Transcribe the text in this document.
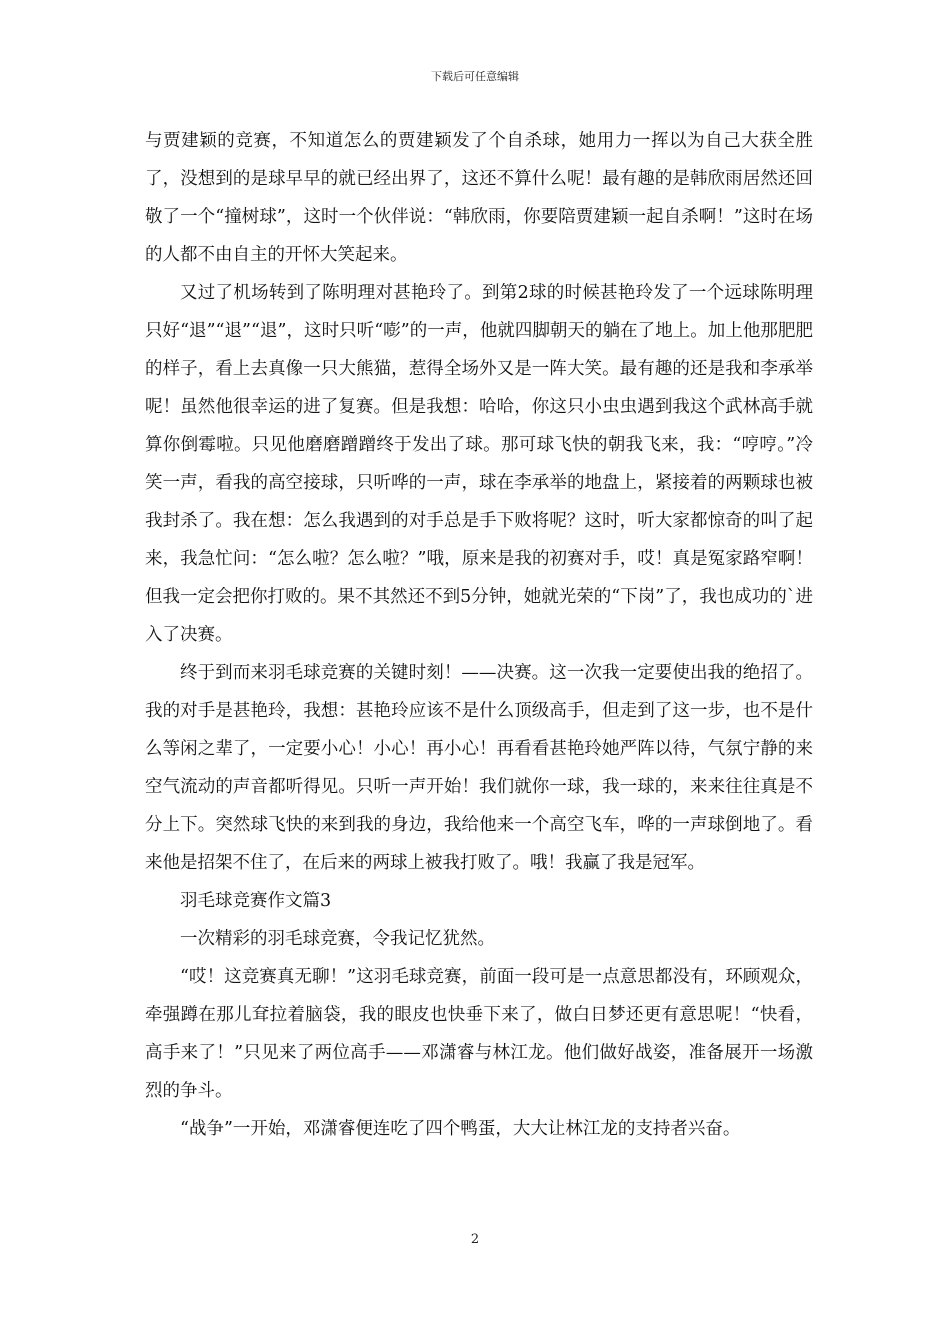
下载后可任意编辑

与贾建颖的竞赛，不知道怎么的贾建颖发了个自杀球，她用力一挥以为自己大获全胜了，没想到的是球早早的就已经出界了，这还不算什么呢！最有趣的是韩欣雨居然还回敬了一个“撞树球”，这时一个伙伴说：“韩欣雨，你要陪贾建颖一起自杀啊！”这时在场的人都不由自主的开怀大笑起来。

又过了机场转到了陈明理对甚艳玲了。到第2球的时候甚艳玲发了一个远球陈明理只好“退”“退”“退”，这时只听“嘭”的一声，他就四脚朝天的躺在了地上。加上他那肥肥的样子，看上去真像一只大熊猫，惹得全场外又是一阵大笑。最有趣的还是我和李承举呢！虽然他很幸运的进了复赛。但是我想：哈哈，你这只小虫虫遇到我这个武林高手就算你倒霉啦。只见他磨磨蹭蹭终于发出了球。那可球飞快的朝我飞来，我：“哼哼。”冷笑一声，看我的高空接球，只听哗的一声，球在李承举的地盘上，紧接着的两颗球也被我封杀了。我在想：怎么我遇到的对手总是手下败将呢？这时，听大家都惊奇的叫了起来，我急忙问：“怎么啦？怎么啦？”哦，原来是我的初赛对手，哎！真是冤家路窄啊！但我一定会把你打败的。果不其然还不到5分钟，她就光荣的“下岗”了，我也成功的`进入了决赛。

终于到而来羽毛球竞赛的关键时刻！——决赛。这一次我一定要使出我的绝招了。我的对手是甚艳玲，我想：甚艳玲应该不是什么顶级高手，但走到了这一步，也不是什么等闲之辈了，一定要小心！小心！再小心！再看看甚艳玲她严阵以待，气氛宁静的来空气流动的声音都听得见。只听一声开始！我们就你一球，我一球的，来来往往真是不分上下。突然球飞快的来到我的身边，我给他来一个高空飞车，哗的一声球倒地了。看来他是招架不住了，在后来的两球上被我打败了。哦！我赢了我是冠军。

羽毛球竞赛作文篇3

一次精彩的羽毛球竞赛，令我记忆犹然。

“哎！这竞赛真无聊！”这羽毛球竞赛，前面一段可是一点意思都没有，环顾观众，牵强蹲在那儿耷拉着脑袋，我的眼皮也快垂下来了，做白日梦还更有意思呢！“快看，高手来了！”只见来了两位高手——邓潇睿与林江龙。他们做好战姿，准备展开一场激烈的争斗。

“战争”一开始，邓潇睿便连吃了四个鸭蛋，大大让林江龙的支持者兴奋。

2
